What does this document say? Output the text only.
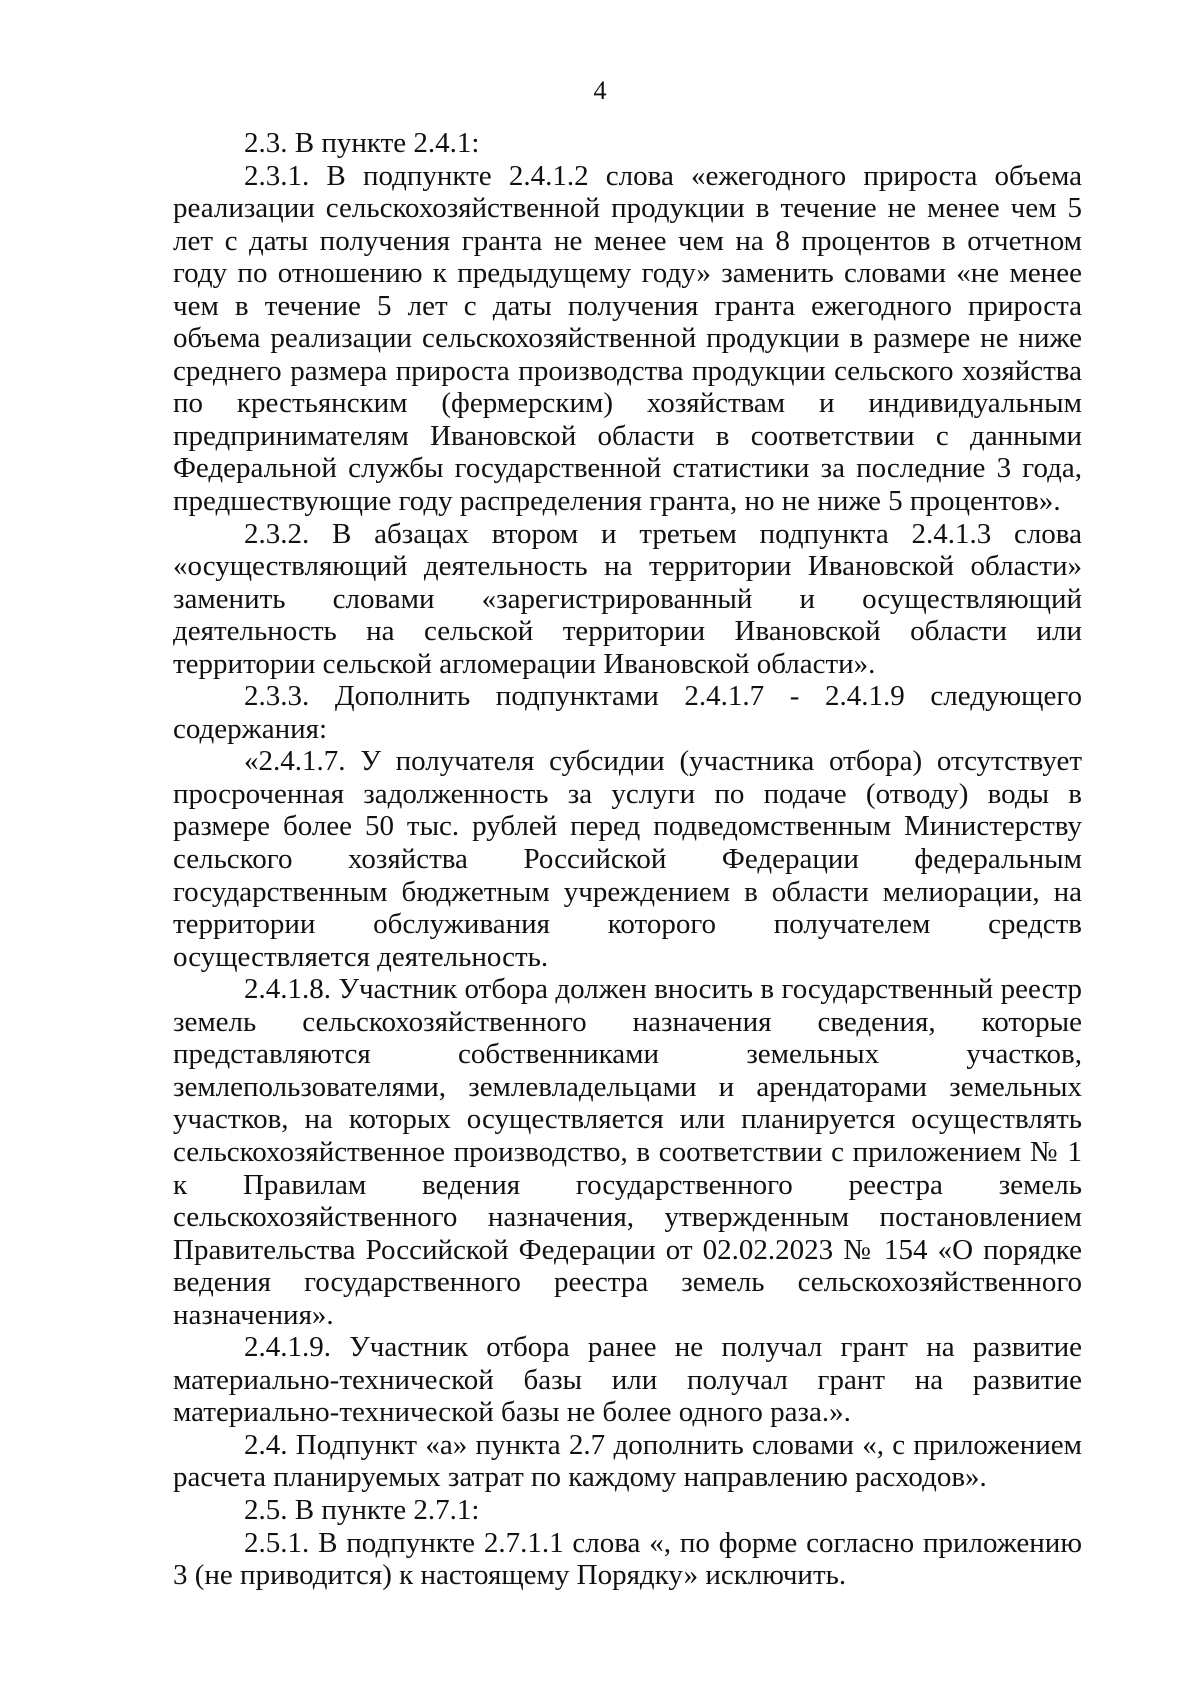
4

2.3. В пункте 2.4.1:

2.3.1. В подпункте 2.4.1.2 слова «ежегодного прироста объема реализации сельскохозяйственной продукции в течение не менее чем 5 лет с даты получения гранта не менее чем на 8 процентов в отчетном году по отношению к предыдущему году» заменить словами «не менее чем в течение 5 лет с даты получения гранта ежегодного прироста объема реализации сельскохозяйственной продукции в размере не ниже среднего размера прироста производства продукции сельского хозяйства по крестьянским (фермерским) хозяйствам и индивидуальным предпринимателям Ивановской области в соответствии с данными Федеральной службы государственной статистики за последние 3 года, предшествующие году распределения гранта, но не ниже 5 процентов».

2.3.2. В абзацах втором и третьем подпункта 2.4.1.3 слова «осуществляющий деятельность на территории Ивановской области» заменить словами «зарегистрированный и осуществляющий деятельность на сельской территории Ивановской области или территории сельской агломерации Ивановской области».

2.3.3. Дополнить подпунктами 2.4.1.7 - 2.4.1.9 следующего содержания:

«2.4.1.7. У получателя субсидии (участника отбора) отсутствует просроченная задолженность за услуги по подаче (отводу) воды в размере более 50 тыс. рублей перед подведомственным Министерству сельского хозяйства Российской Федерации федеральным государственным бюджетным учреждением в области мелиорации, на территории обслуживания которого получателем средств осуществляется деятельность.

2.4.1.8. Участник отбора должен вносить в государственный реестр земель сельскохозяйственного назначения сведения, которые представляются собственниками земельных участков, землепользователями, землевладельцами и арендаторами земельных участков, на которых осуществляется или планируется осуществлять сельскохозяйственное производство, в соответствии с приложением № 1 к Правилам ведения государственного реестра земель сельскохозяйственного назначения, утвержденным постановлением Правительства Российской Федерации от 02.02.2023 № 154 «О порядке ведения государственного реестра земель сельскохозяйственного назначения».

2.4.1.9. Участник отбора ранее не получал грант на развитие материально-технической базы или получал грант на развитие материально-технической базы не более одного раза.».

2.4. Подпункт «а» пункта 2.7 дополнить словами «, с приложением расчета планируемых затрат по каждому направлению расходов».

2.5. В пункте 2.7.1:

2.5.1. В подпункте 2.7.1.1 слова «, по форме согласно приложению 3 (не приводится) к настоящему Порядку» исключить.
